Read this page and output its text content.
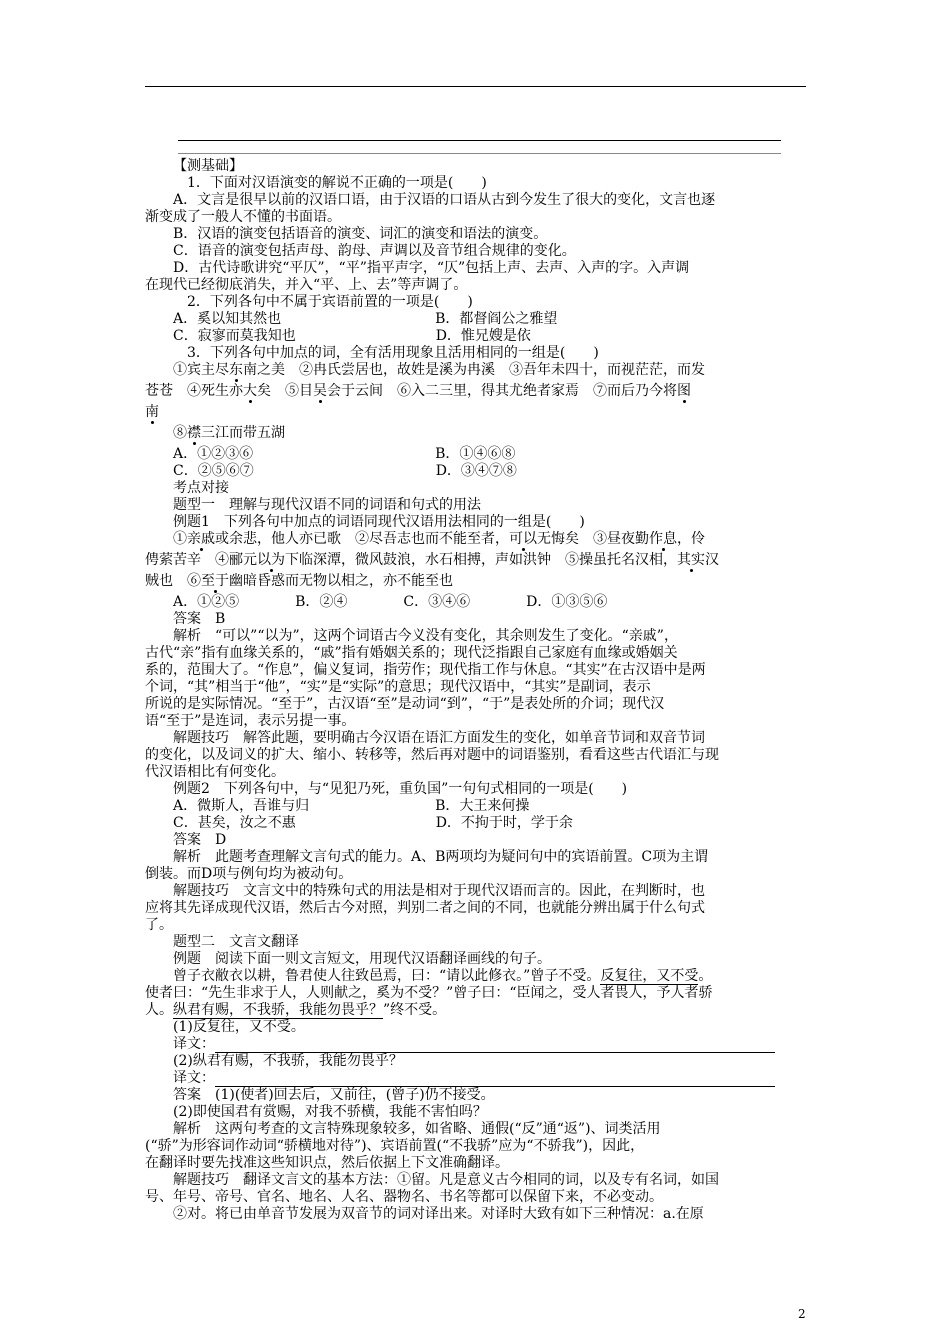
【测基础】
1．下面对汉语演变的解说不正确的一项是(　　)
A．文言是很早以前的汉语口语，由于汉语的口语从古到今发生了很大的变化，文言也逐
渐变成了一般人不懂的书面语。
B．汉语的演变包括语音的演变、词汇的演变和语法的演变。
C．语音的演变包括声母、韵母、声调以及音节组合规律的变化。
D．古代诗歌讲究“平仄”，“平”指平声字，“仄”包括上声、去声、入声的字。入声调
在现代已经彻底消失，并入“平、上、去”等声调了。
2．下列各句中不属于宾语前置的一项是(　　)
A．奚以知其然也　　　　　　　　　　　B．都督阎公之雅望
C．寂寥而莫我知也　　　　　　　　　　D．惟兄嫂是依
3．下列各句中加点的词，全有活用现象且活用相同的一组是(　　)
①宾主尽东南之美　②冉氏尝居也，故姓是溪为冉溪　③吾年未四十，而视茫茫，而发
苍苍　④死生亦大矣　⑤目吴会于云间　⑥入二三里，得其尤绝者家焉　⑦而后乃今将图
南
⑧襟三江而带五湖
A．①②③⑥　　　　　　　　　　　　　B．①④⑥⑧
C．②⑤⑥⑦　　　　　　　　　　　　　D．③④⑦⑧
考点对接
题型一　理解与现代汉语不同的词语和句式的用法
例题1　下列各句中加点的词语同现代汉语用法相同的一组是(　　)
①亲戚或余悲，他人亦已歌　②尽吾志也而不能至者，可以无悔矣　③昼夜勤作息，伶
俜萦苦辛　④郦元以为下临深潭，微风鼓浪，水石相搏，声如洪钟　⑤操虽托名汉相，其实汉
贼也　⑥至于幽暗昏惑而无物以相之，亦不能至也
A．①②⑤　　　　B．②④　　　　C．③④⑥　　　　D．①③⑤⑥
答案　B
解析　“可以”“以为”，这两个词语古今义没有变化，其余则发生了变化。“亲戚”，
古代“亲”指有血缘关系的，“戚”指有婚姻关系的；现代泛指跟自己家庭有血缘或婚姻关
系的，范围大了。“作息”，偏义复词，指劳作；现代指工作与休息。“其实”在古汉语中是两
个词，“其”相当于“他”，“实”是“实际”的意思；现代汉语中，“其实”是副词，表示
所说的是实际情况。“至于”，古汉语“至”是动词“到”，“于”是表处所的介词；现代汉
语“至于”是连词，表示另提一事。
解题技巧　解答此题，要明确古今汉语在语汇方面发生的变化，如单音节词和双音节词
的变化，以及词义的扩大、缩小、转移等，然后再对题中的词语鉴别，看看这些古代语汇与现
代汉语相比有何变化。
例题2　下列各句中，与“见犯乃死，重负国”一句句式相同的一项是(　　)
A．微斯人，吾谁与归　　　　　　　　　B．大王来何操
C．甚矣，汝之不惠　　　　　　　　　　D．不拘于时，学于余
答案　D
解析　此题考查理解文言句式的能力。A、B两项均为疑问句中的宾语前置。C项为主谓
倒装。而D项与例句均为被动句。
解题技巧　文言文中的特殊句式的用法是相对于现代汉语而言的。因此，在判断时，也
应将其先译成现代汉语，然后古今对照，判别二者之间的不同，也就能分辨出属于什么句式
了。
题型二　文言文翻译
例题　阅读下面一则文言短文，用现代汉语翻译画线的句子。
曾子衣敝衣以耕，鲁君使人往致邑焉，曰：“请以此修衣。”曾子不受。反复往，又不受。
使者曰：“先生非求于人，人则献之，奚为不受？”曾子曰：“臣闻之，受人者畏人，予人者骄
人。纵君有赐，不我骄，我能勿畏乎？”终不受。
(1)反复往，又不受。
译文：
(2)纵君有赐，不我骄，我能勿畏乎？
译文：
答案　(1)(使者)回去后，又前往，(曾子)仍不接受。
(2)即使国君有赏赐，对我不骄横，我能不害怕吗？
解析　这两句考查的文言特殊现象较多，如省略、通假(“反”通“返”)、词类活用
(“骄”为形容词作动词“骄横地对待”)、宾语前置(“不我骄”应为“不骄我”)，因此，
在翻译时要先找准这些知识点，然后依据上下文准确翻译。
解题技巧　翻译文言文的基本方法：①留。凡是意义古今相同的词，以及专有名词，如国
号、年号、帝号、官名、地名、人名、器物名、书名等都可以保留下来，不必变动。
②对。将已由单音节发展为双音节的词对译出来。对译时大致有如下三种情况：a.在原
2
